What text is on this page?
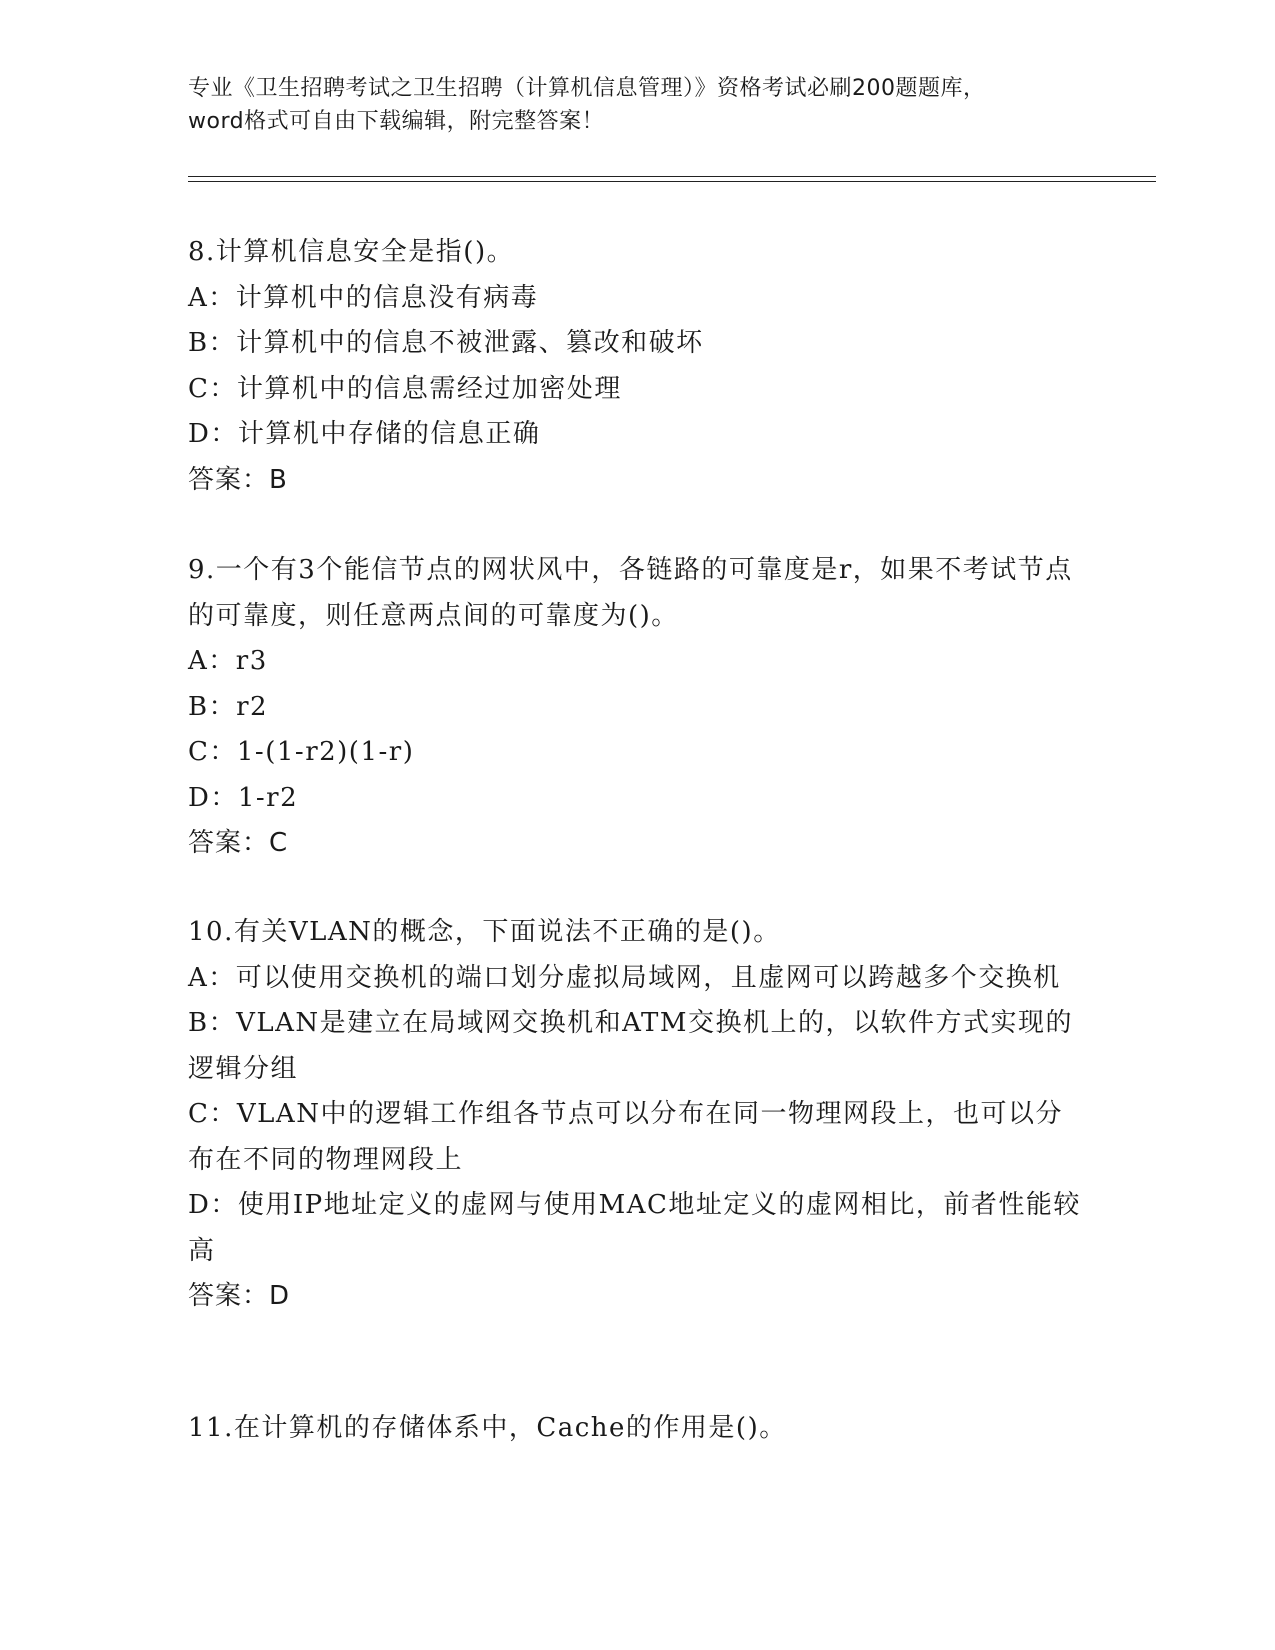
专业《卫生招聘考试之卫生招聘（计算机信息管理）》资格考试必刷200题题库，
word格式可自由下载编辑，附完整答案！
8.计算机信息安全是指()。
A：计算机中的信息没有病毒
B：计算机中的信息不被泄露、篡改和破坏
C：计算机中的信息需经过加密处理
D：计算机中存储的信息正确
答案：B
9.一个有3个能信节点的网状风中，各链路的可靠度是r，如果不考试节点的可靠度，则任意两点间的可靠度为()。
A：r3
B：r2
C：1-(1-r2)(1-r)
D：1-r2
答案：C
10.有关VLAN的概念，下面说法不正确的是()。
A：可以使用交换机的端口划分虚拟局域网，且虚网可以跨越多个交换机
B：VLAN是建立在局域网交换机和ATM交换机上的，以软件方式实现的逻辑分组
C：VLAN中的逻辑工作组各节点可以分布在同一物理网段上，也可以分布在不同的物理网段上
D：使用IP地址定义的虚网与使用MAC地址定义的虚网相比，前者性能较高
答案：D
11.在计算机的存储体系中，Cache的作用是()。
